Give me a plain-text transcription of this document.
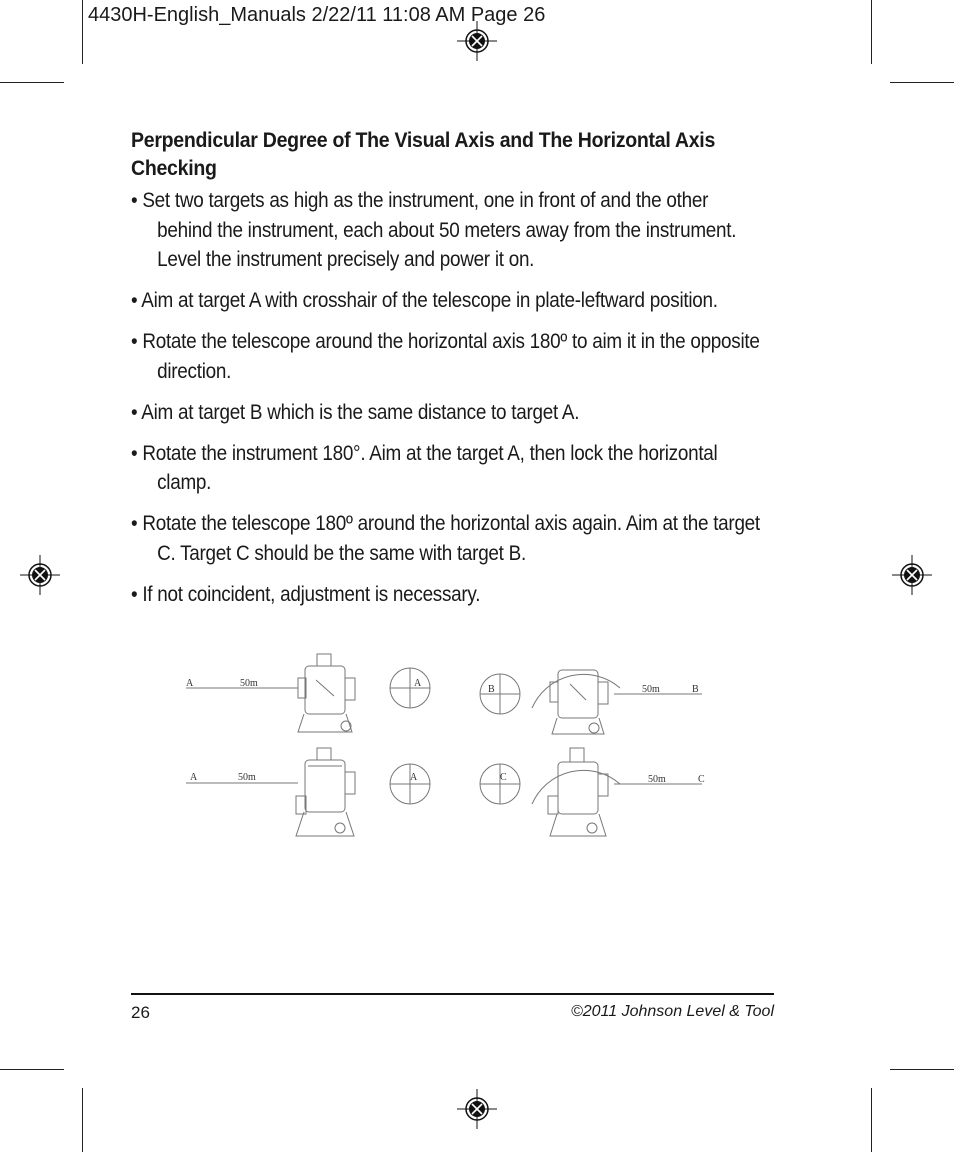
4430H-English_Manuals 2/22/11 11:08 AM Page 26
Perpendicular Degree of The Visual Axis and The Horizontal Axis Checking

• Set two targets as high as the instrument, one in front of and the other behind the instrument, each about 50 meters away from the instrument. Level the instrument precisely and power it on.

• Aim at target A with crosshair of the telescope in plate-leftward position.

• Rotate the telescope around the horizontal axis 180º to aim it in the opposite direction.

• Aim at target B which is the same distance to target A.

• Rotate the instrument 180°. Aim at the target A, then lock the horizontal clamp.

• Rotate the telescope 180º around the horizontal axis again. Aim at the target C. Target C should be the same with target B.

• If not coincident, adjustment is necessary.

A	50m	A
B	50m	B
A	50m	A	C	50m	C
26	©2011 Johnson Level & Tool
